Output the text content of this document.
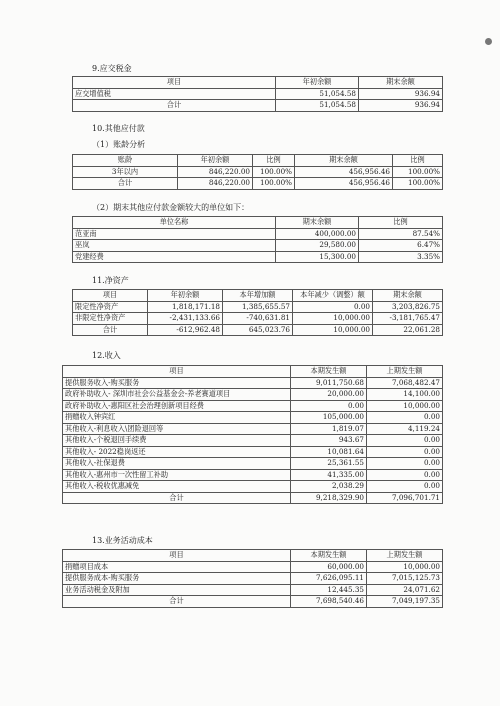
9.应交税金
项目	年初余额	期末余额
应交增值税	51,054.58	936.94
合计	51,054.58	936.94
10.其他应付款
（1）账龄分析
账龄	年初余额	比例	期末余额	比例
3年以内	846,220.00	100.00%	456,956.46	100.00%
合计	846,220.00	100.00%	456,956.46	100.00%
（2）期末其他应付款金额较大的单位如下：
单位名称	期末余额	比例
范亚南	400,000.00	87.54%
巫岚	29,580.00	6.47%
党建经费	15,300.00	3.35%
11.净资产
项目	年初余额	本年增加额	本年减少（调整）额	期末余额
限定性净资产	1,818,171.18	1,385,655.57	0.00	3,203,826.75
非限定性净资产	-2,431,133.66	-740,631.81	10,000.00	-3,181,765.47
合计	-612,962.48	645,023.76	10,000.00	22,061.28
12.收入
项目	本期发生额	上期发生额
提供服务收入-购买服务	9,011,750.68	7,068,482.47
政府补助收入- 深圳市社会公益基金会-养老赛道项目	20,000.00	14,100.00
政府补助收入-惠阳区社会治理创新项目经费	0.00	10,000.00
捐赠收入钟宾红	105,000.00	0.00
其他收入-利息收入\团险退回等	1,819.07	4,119.24
其他收入-个税退回手续费	943.67	0.00
其他收入- 2022稳岗返还	10,081.64	0.00
其他收入-社保退费	25,361.55	0.00
其他收入-惠州市一次性留工补助	41,335.00	0.00
其他收入-税收优惠减免	2,038.29	0.00
合计	9,218,329.90	7,096,701.71
13.业务活动成本
项目	本期发生额	上期发生额
捐赠项目成本	60,000.00	10,000.00
提供服务成本-购买服务	7,626,095.11	7,015,125.73
业务活动税金及附加	12,445.35	24,071.62
合计	7,698,540.46	7,049,197.35
